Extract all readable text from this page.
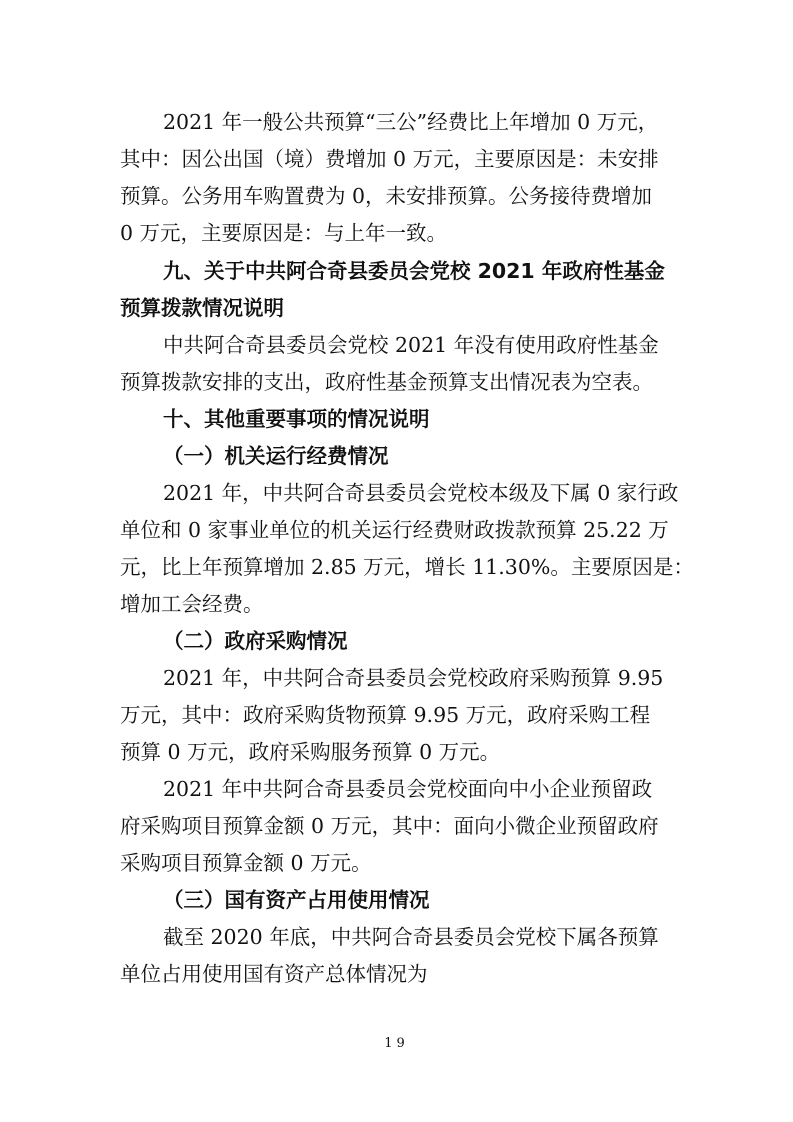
2021 年一般公共预算“三公”经费比上年增加 0 万元，
其中：因公出国（境）费增加 0 万元，主要原因是：未安排
预算。公务用车购置费为 0，未安排预算。公务接待费增加
0 万元，主要原因是：与上年一致。
九、关于中共阿合奇县委员会党校 2021 年政府性基金
预算拨款情况说明
中共阿合奇县委员会党校 2021 年没有使用政府性基金
预算拨款安排的支出，政府性基金预算支出情况表为空表。
十、其他重要事项的情况说明
（一）机关运行经费情况
2021 年，中共阿合奇县委员会党校本级及下属 0 家行政
单位和 0 家事业单位的机关运行经费财政拨款预算 25.22 万
元，比上年预算增加 2.85 万元，增长 11.30%。主要原因是：
增加工会经费。
（二）政府采购情况
2021 年，中共阿合奇县委员会党校政府采购预算 9.95
万元，其中：政府采购货物预算 9.95 万元，政府采购工程
预算 0 万元，政府采购服务预算 0 万元。
2021 年中共阿合奇县委员会党校面向中小企业预留政
府采购项目预算金额 0 万元，其中：面向小微企业预留政府
采购项目预算金额 0 万元。
（三）国有资产占用使用情况
截至 2020 年底，中共阿合奇县委员会党校下属各预算
单位占用使用国有资产总体情况为
19
